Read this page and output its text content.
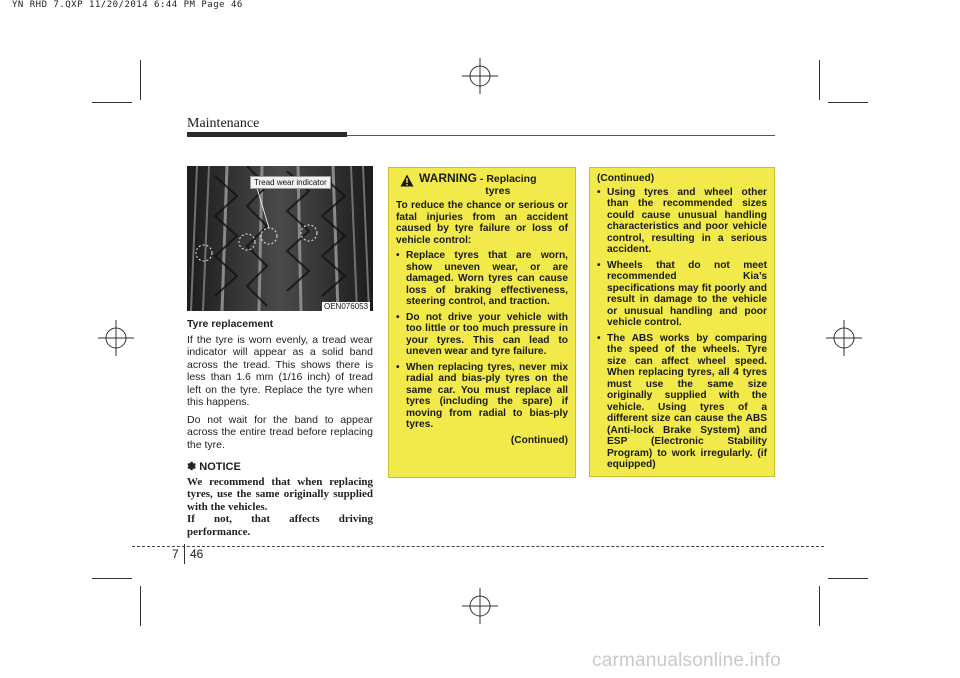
YN RHD 7.QXP 11/20/2014 6:44 PM Page 46
Maintenance
Tread wear indicator
OEN076053

Tyre replacement

If the tyre is worn evenly, a tread wear indicator will appear as a solid band across the tread. This shows there is less than 1.6 mm (1/16 inch) of tread left on the tyre. Replace the tyre when this happens.

Do not wait for the band to appear across the entire tread before replacing the tyre.

✽ NOTICE
We recommend that when replacing tyres, use the same originally supplied with the vehicles.
If not, that affects driving performance.
WARNING - Replacing
tyres
To reduce the chance or serious or fatal injuries from an accident caused by tyre failure or loss of vehicle control:
• Replace tyres that are worn, show uneven wear, or are damaged. Worn tyres can cause loss of braking effectiveness, steering control, and traction.
• Do not drive your vehicle with too little or too much pressure in your tyres. This can lead to uneven wear and tyre failure.
• When replacing tyres, never mix radial and bias-ply tyres on the same car. You must replace all tyres (including the spare) if moving from radial to bias-ply tyres.
(Continued)
(Continued)
• Using tyres and wheel other than the recommended sizes could cause unusual handling characteristics and poor vehicle control, resulting in a serious accident.
• Wheels that do not meet recommended Kia’s specifications may fit poorly and result in damage to the vehicle or unusual handling and poor vehicle control.
• The ABS works by comparing the speed of the wheels. Tyre size can affect wheel speed. When replacing tyres, all 4 tyres must use the same size originally supplied with the vehicle. Using tyres of a different size can cause the ABS (Anti-lock Brake System) and ESP (Electronic Stability Program) to work irregularly. (if equipped)
7 46
carmanualsonline.info
